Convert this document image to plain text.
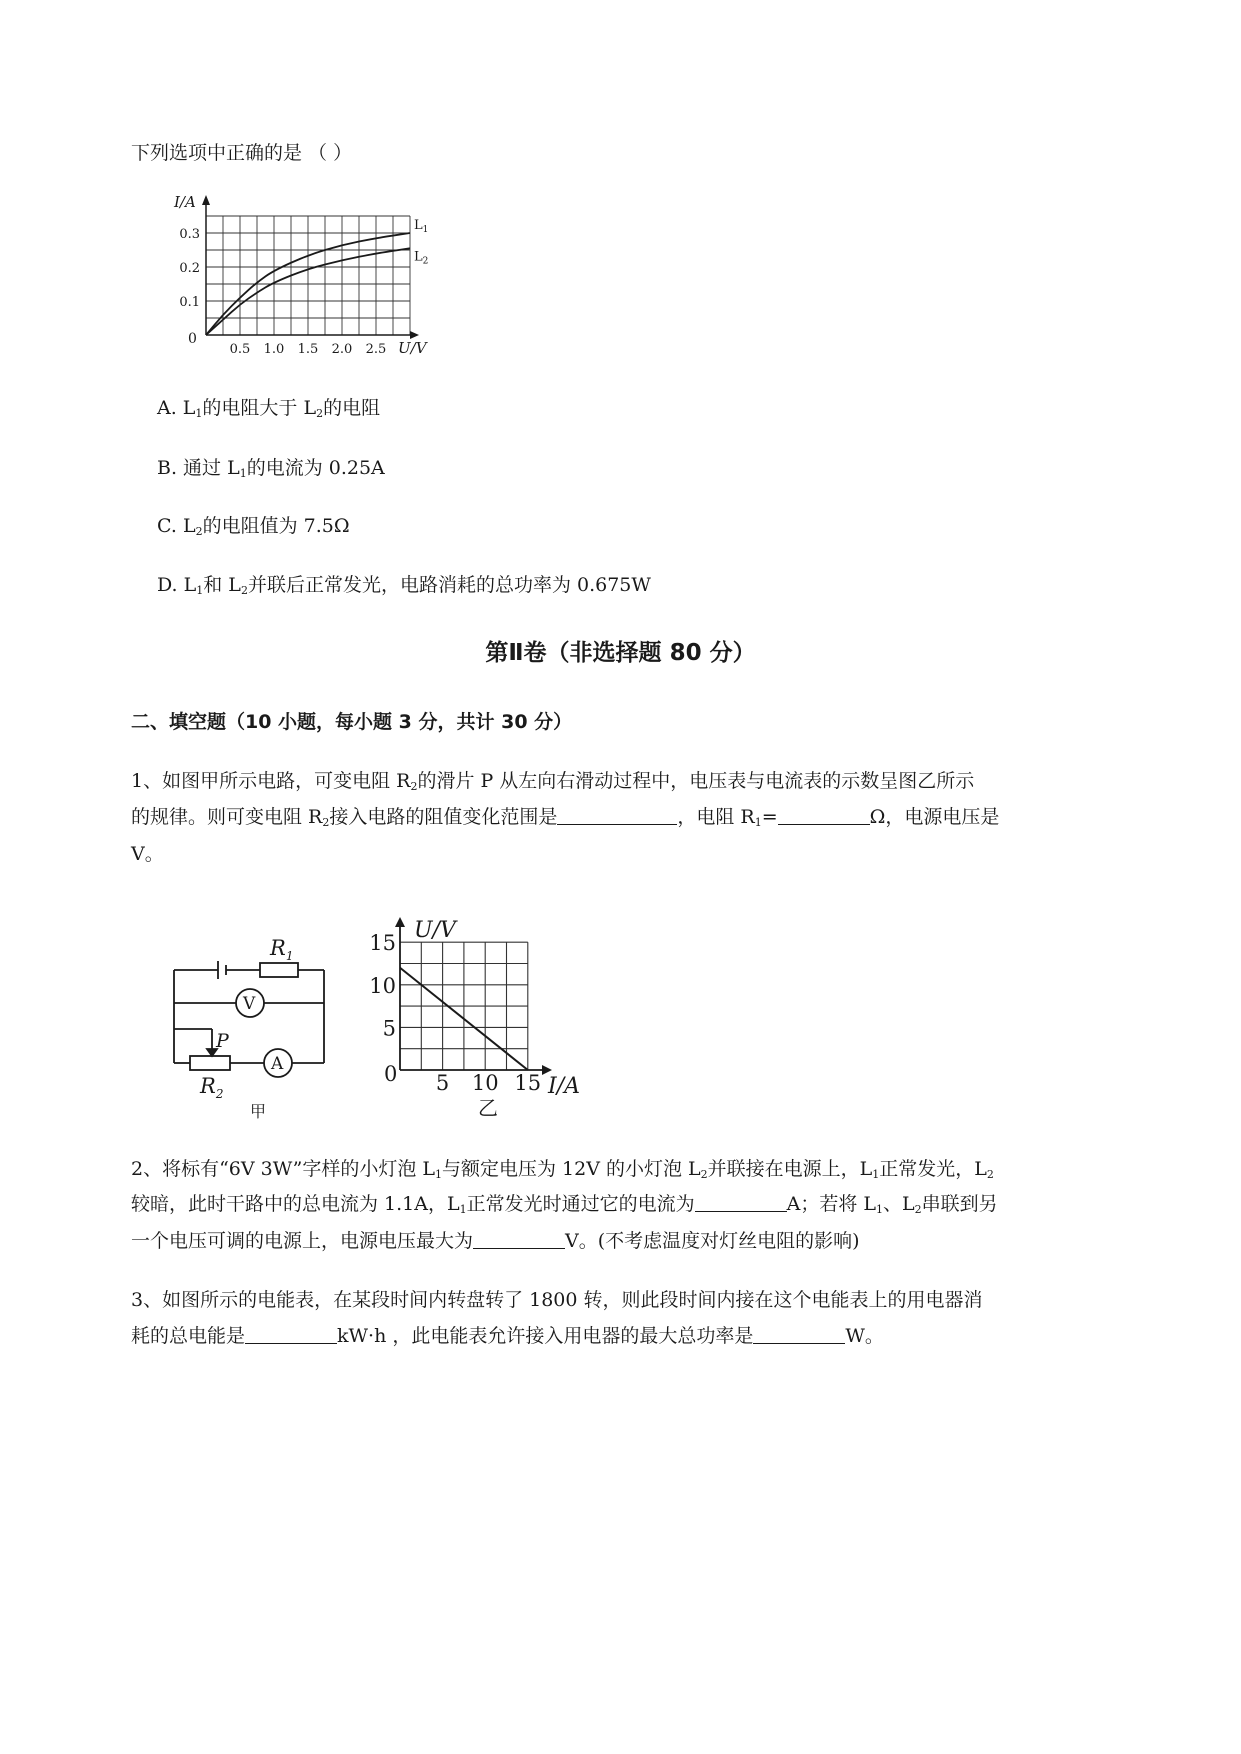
下列选项中正确的是 （ ）
$L_1$
$L_2$
I/A
U/V
0
0.5 1.0 1.5 2.0 2.5
0.1
0.2
0.3
A. $L_1$的电阻大于 $L_2$的电阻
B. 通过 $L_1$的电流为 0.25A
C. $L_2$的电阻值为 7.5Ω
D. $L_1$和 $L_2$并联后正常发光，电路消耗的总功率为 0.675W
第Ⅱ卷（非选择题 80 分）
二、填空题（10 小题，每小题 3 分，共计 30 分）
1、如图甲所示电路，可变电阻 $R_2$的滑片 P 从左向右滑动过程中，电压表与电流表的示数呈图乙所示
的规律。则可变电阻 $R_2$接入电路的阻值变化范围是	，电阻 $R_1=$	Ω，电源电压是
V。
$R_1$
V
P
A
$R_2$
甲
5
10
15
5 10 15
U/V
I/A
0
乙
2、将标有“6V 3W”字样的小灯泡 $L_1$与额定电压为 12V 的小灯泡 $L_2$并联接在电源上，$L_1$正常发光，$L_2$
较暗，此时干路中的总电流为 1.1A，$L_1$正常发光时通过它的电流为	A；若将 $L_1$、$L_2$串联到另
一个电压可调的电源上，电源电压最大为	V。(不考虑温度对灯丝电阻的影响)
3、如图所示的电能表，在某段时间内转盘转了 1800 转，则此段时间内接在这个电能表上的用电器消
耗的总电能是	kW·h ，此电能表允许接入用电器的最大总功率是	W。
